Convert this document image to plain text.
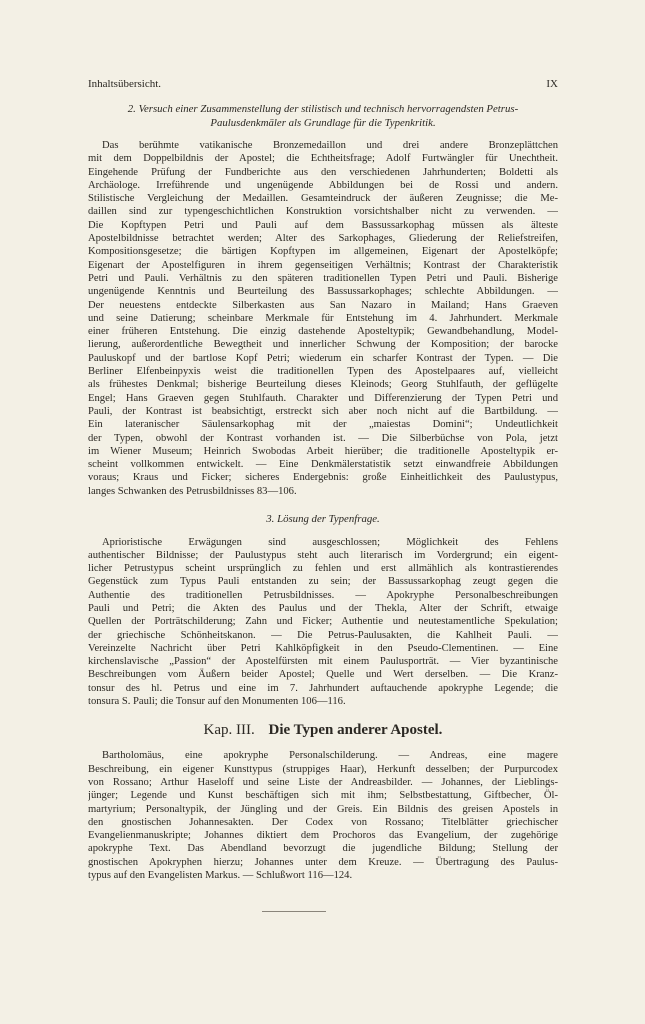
Inhaltsübersicht.	IX
2. Versuch einer Zusammenstellung der stilistisch und technisch hervorragendsten Petrus-
Paulusdenkmäler als Grundlage für die Typenkritik.
Das berühmte vatikanische Bronzemedaillon und drei andere Bronzeplättchen
mit dem Doppelbildnis der Apostel; die Echtheitsfrage; Adolf Furtwängler für Unechtheit.
Eingehende Prüfung der Fundberichte aus den verschiedenen Jahrhunderten; Boldetti als
Archäologe. Irreführende und ungenügende Abbildungen bei de Rossi und andern.
Stilistische Vergleichung der Medaillen. Gesamteindruck der äußeren Zeugnisse; die Me-
daillen sind zur typengeschichtlichen Konstruktion vorsichtshalber nicht zu verwenden. —
Die Kopftypen Petri und Pauli auf dem Bassussarkophag müssen als älteste
Apostelbildnisse betrachtet werden; Alter des Sarkophages, Gliederung der Reliefstreifen,
Kompositionsgesetze; die bärtigen Kopftypen im allgemeinen, Eigenart der Apostelköpfe;
Eigenart der Apostelfiguren in ihrem gegenseitigen Verhältnis; Kontrast der Charakteristik
Petri und Pauli. Verhältnis zu den späteren traditionellen Typen Petri und Pauli. Bisherige
ungenügende Kenntnis und Beurteilung des Bassussarkophages; schlechte Abbildungen. —
Der neuestens entdeckte Silberkasten aus San Nazaro in Mailand; Hans Graeven
und seine Datierung; scheinbare Merkmale für Entstehung im 4. Jahrhundert. Merkmale
einer früheren Entstehung. Die einzig dastehende Aposteltypik; Gewandbehandlung, Model-
lierung, außerordentliche Bewegtheit und innerlicher Schwung der Komposition; der barocke
Pauluskopf und der bartlose Kopf Petri; wiederum ein scharfer Kontrast der Typen. — Die
Berliner Elfenbeinpyxis weist die traditionellen Typen des Apostelpaares auf, vielleicht
als frühestes Denkmal; bisherige Beurteilung dieses Kleinods; Georg Stuhlfauth, der geflügelte
Engel; Hans Graeven gegen Stuhlfauth. Charakter und Differenzierung der Typen Petri und
Pauli, der Kontrast ist beabsichtigt, erstreckt sich aber noch nicht auf die Bartbildung. —
Ein lateranischer Säulensarkophag mit der „maiestas Domini“; Undeutlichkeit
der Typen, obwohl der Kontrast vorhanden ist. — Die Silberbüchse von Pola, jetzt
im Wiener Museum; Heinrich Swobodas Arbeit hierüber; die traditionelle Aposteltypik er-
scheint vollkommen entwickelt. — Eine Denkmälerstatistik setzt einwandfreie Abbildungen
voraus; Kraus und Ficker; sicheres Endergebnis: große Einheitlichkeit des Paulustypus,
langes Schwanken des Petrusbildnisses 83—106.
3. Lösung der Typenfrage.
Aprioristische Erwägungen sind ausgeschlossen; Möglichkeit des Fehlens
authentischer Bildnisse; der Paulustypus steht auch literarisch im Vordergrund; ein eigent-
licher Petrustypus scheint ursprünglich zu fehlen und erst allmählich als kontrastierendes
Gegenstück zum Typus Pauli entstanden zu sein; der Bassussarkophag zeugt gegen die
Authentie des traditionellen Petrusbildnisses. — Apokryphe Personalbeschreibungen
Pauli und Petri; die Akten des Paulus und der Thekla, Alter der Schrift, etwaige
Quellen der Porträtschilderung; Zahn und Ficker; Authentie und neutestamentliche Spekulation;
der griechische Schönheitskanon. — Die Petrus-Paulusakten, die Kahlheit Pauli. —
Vereinzelte Nachricht über Petri Kahlköpfigkeit in den Pseudo-Clementinen. — Eine
kirchenslavische „Passion“ der Apostelfürsten mit einem Paulusporträt. — Vier byzantinische
Beschreibungen vom Äußern beider Apostel; Quelle und Wert derselben. — Die Kranz-
tonsur des hl. Petrus und eine im 7. Jahrhundert auftauchende apokryphe Legende; die
tonsura S. Pauli; die Tonsur auf den Monumenten 106—116.
Kap. III. Die Typen anderer Apostel.
Bartholomäus, eine apokryphe Personalschilderung. — Andreas, eine magere
Beschreibung, ein eigener Kunsttypus (struppiges Haar), Herkunft desselben; der Purpurcodex
von Rossano; Arthur Haseloff und seine Liste der Andreasbilder. — Johannes, der Lieblings-
jünger; Legende und Kunst beschäftigen sich mit ihm; Selbstbestattung, Giftbecher, Öl-
martyrium; Personaltypik, der Jüngling und der Greis. Ein Bildnis des greisen Apostels in
den gnostischen Johannesakten. Der Codex von Rossano; Titelblätter griechischer
Evangelienmanuskripte; Johannes diktiert dem Prochoros das Evangelium, der zugehörige
apokryphe Text. Das Abendland bevorzugt die jugendliche Bildung; Stellung der
gnostischen Apokryphen hierzu; Johannes unter dem Kreuze. — Übertragung des Paulus-
typus auf den Evangelisten Markus. — Schlußwort 116—124.
